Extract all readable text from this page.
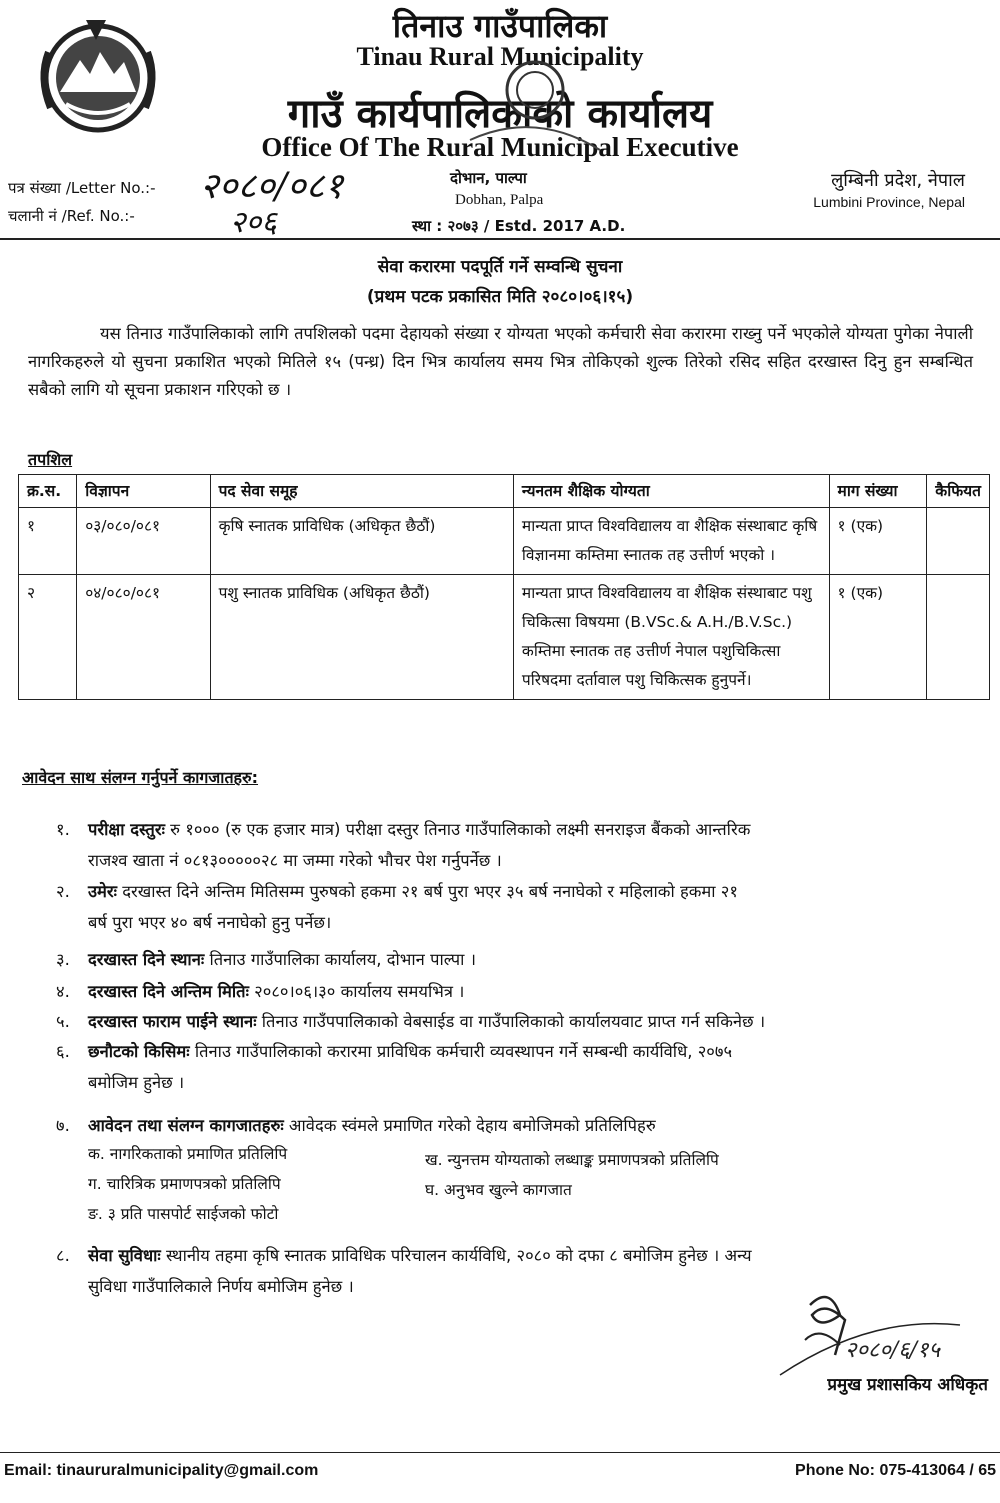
तिनाउ गाउँपालिका
Tinau Rural Municipality
गाउँ कार्यपालिकाको कार्यालय
Office Of The Rural Municipal Executive
पत्र संख्या /Letter No.:- २०८०/०८१
चलानी नं /Ref. No.:-	२०६
दोभान, पाल्पा
Dobhan, Palpa
स्था : २०७३ / Estd. 2017 A.D.
लुम्बिनी प्रदेश, नेपाल
Lumbini Province, Nepal
सेवा करारमा पदपूर्ति गर्ने सम्वन्धि सुचना
(प्रथम पटक प्रकासित मिति २०८०।०६।१५)
यस तिनाउ गाउँपालिकाको लागि तपशिलको पदमा देहायको संख्या र योग्यता भएको कर्मचारी सेवा करारमा राख्नु पर्ने भएकोले योग्यता पुगेका नेपाली नागरिकहरुले यो सुचना प्रकाशित भएको मितिले १५ (पन्ध्र) दिन भित्र कार्यालय समय भित्र तोकिएको शुल्क तिरेको रसिद सहित दरखास्त दिनु हुन सम्बन्धित सबैको लागि यो सूचना प्रकाशन गरिएको छ ।
तपशिल
क्र.स.	विज्ञापन	पद सेवा समूह	न्यनतम शैक्षिक योग्यता	माग संख्या	कैफियत
१	०३/०८०/०८१	कृषि स्नातक प्राविधिक (अधिकृत छैठौं)	मान्यता प्राप्त विश्वविद्यालय वा शैक्षिक संस्थाबाट कृषि विज्ञानमा कम्तिमा स्नातक तह उत्तीर्ण भएको ।	१ (एक)	
२	०४/०८०/०८१	पशु स्नातक प्राविधिक (अधिकृत छैठौं)	मान्यता प्राप्त विश्वविद्यालय वा शैक्षिक संस्थाबाट पशु चिकित्सा विषयमा (B.VSc.& A.H./B.V.Sc.) कम्तिमा स्नातक तह उत्तीर्ण नेपाल पशुचिकित्सा परिषदमा दर्तावाल पशु चिकित्सक हुनुपर्ने।	१ (एक)	
आवेदन साथ संलग्न गर्नुपर्ने कागजातहरु:
१. परीक्षा दस्तुरः रु १००० (रु एक हजार मात्र) परीक्षा दस्तुर तिनाउ गाउँपालिकाको लक्ष्मी सनराइज बैंकको आन्तरिक
राजश्व खाता नं ०८१३०००००२८ मा जम्मा गरेको भौचर पेश गर्नुपर्नेछ ।
२. उमेरः दरखास्त दिने अन्तिम मितिसम्म पुरुषको हकमा २१ बर्ष पुरा भएर ३५ बर्ष ननाघेको र महिलाको हकमा २१
बर्ष पुरा भएर ४० बर्ष ननाघेको हुनु पर्नेछ।
३. दरखास्त दिने स्थानः तिनाउ गाउँपालिका कार्यालय, दोभान पाल्पा ।
४. दरखास्त दिने अन्तिम मितिः २०८०।०६।३० कार्यालय समयभित्र ।
५. दरखास्त फाराम पाईने स्थानः तिनाउ गाउँपपालिकाको वेबसाईड वा गाउँपालिकाको कार्यालयवाट प्राप्त गर्न सकिनेछ ।
६. छनौटको किसिमः तिनाउ गाउँपालिकाको करारमा प्राविधिक कर्मचारी व्यवस्थापन गर्ने सम्बन्धी कार्यविधि, २०७५
बमोजिम हुनेछ ।
७. आवेदन तथा संलग्न कागजातहरुः आवेदक स्वंमले प्रमाणित गरेको देहाय बमोजिमको प्रतिलिपिहरु
क. नागरिकताको प्रमाणित प्रतिलिपि	ख. न्युनत्तम योग्यताको लब्धाङ्क प्रमाणपत्रको प्रतिलिपि
ग. चारित्रिक प्रमाणपत्रको प्रतिलिपि	घ. अनुभव खुल्ने कागजात
ङ. ३ प्रति पासपोर्ट साईजको फोटो
८. सेवा सुविधाः स्थानीय तहमा कृषि स्नातक प्राविधिक परिचालन कार्यविधि, २०८० को दफा ८ बमोजिम हुनेछ । अन्य
सुविधा गाउँपालिकाले निर्णय बमोजिम हुनेछ ।
२०८०/६/१५
प्रमुख प्रशासकिय अधिकृत
Email: tinaururalmunicipality@gmail.com	Phone No: 075-413064 / 65
